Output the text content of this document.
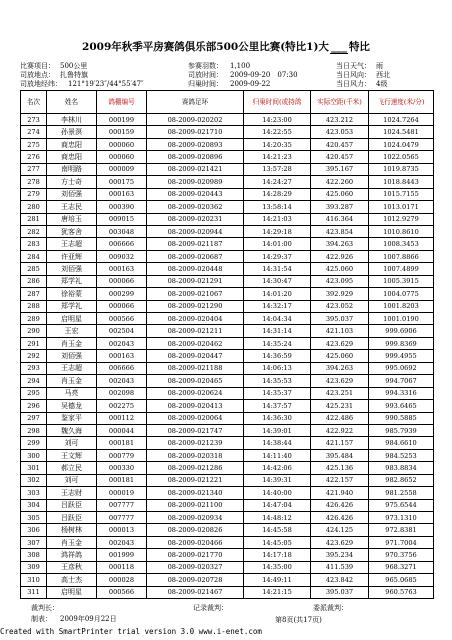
2009年秋季平房赛鸽俱乐部500公里比赛(特比1)大 ___ 特比
比赛项目： 500公里	参赛羽数： 1,100	当日天气： 雨
司放地点： 扎鲁特旗	司放时间： 2009-09-20　07:30	当日风向： 西北
司放地经纬： 121°19′23″/44°55′47″	归巢时间： 2009-09-22	当日风力： 4级
名次	姓名	鸽棚编号	赛鸽足环	归巢时间(或持鸽	实际空距(千米)	飞行速度(米/分)
273	李林川	000199	08-2009-020202	14:23:00	423.212	1024.7264
274	孙景溟	000159	08-2009-021710	14:22:55	423.053	1024.5481
275	商忠阳	000060	08-2009-020893	14:20:35	420.457	1024.0479
276	商忠阳	000060	08-2009-020896	14:21:23	420.457	1022.0565
277	南明路	000009	08-2009-021421	13:57:28	395.167	1019.8735
278	方士奇	000175	08-2009-020989	14:24:27	422.260	1018.8443
279	刘佰强	000163	08-2009-020443	14:28:29	425.060	1015.7155
280	王志民	000390	08-2009-020362	13:58:14	393.287	1013.0171
281	唐培玉	009015	08-2009-020231	14:21:03	416.364	1012.9279
282	犹客舍	003048	08-2009-020944	14:29:18	423.854	1010.8610
283	王志超	006666	08-2009-021187	14:01:00	394.263	1008.3453
284	许亚辉	009032	08-2009-020687	14:29:37	422.926	1007.8866
285	刘佰强	000163	08-2009-020448	14:31:54	425.060	1007.4899
286	郑学礼	000066	08-2009-021291	14:30:47	423.095	1005.3915
287	徐裕蒙	000299	08-2009-021067	14:01:20	392.929	1004.0775
288	郑学礼	000066	08-2009-021290	14:32:17	423.052	1001.8203
289	启明星	000566	08-2009-020404	14:04:34	395.037	1001.0190
290	王宏	002504	08-2009-021211	14:31:14	421.103	999.6906
291	肖玉金	002043	08-2009-020462	14:35:24	423.629	999.8369
292	刘佰强	000163	08-2009-020447	14:36:59	425.060	999.4955
293	王志超	006666	08-2009-021188	14:06:13	394.263	995.0692
294	肖玉金	002043	08-2009-020465	14:35:53	423.629	994.7067
295	马亮	002098	08-2009-020624	14:35:37	423.251	994.3316
296	吴德龙	002275	08-2009-020413	14:37:57	425.231	993.6465
297	鉴家平	000112	08-2009-020064	14:36:30	422.486	990.5885
298	魏久海	000044	08-2009-021747	14:39:01	422.922	985.7939
299	刘可	000181	08-2009-021239	14:38:44	421.157	984.6610
300	王文辉	000779	08-2009-020318	14:11:40	395.484	984.5253
301	郝立民	000330	08-2009-021286	14:42:06	425.136	983.8834
302	刘可	000181	08-2009-021221	14:39:31	422.157	982.8652
303	王志财	000019	08-2009-021340	14:40:00	421.940	981.2558
304	吕跃臣	007777	08-2009-021100	14:47:04	426.426	975.6544
305	吕跃臣	007777	08-2009-020934	14:48:12	426.426	973.1310
306	杨树林	000013	08-2009-020826	14:45:58	424.125	972.8381
307	肖玉金	002043	08-2009-020466	14:45:05	423.629	971.7004
308	鸿祥鸽	001999	08-2009-021770	14:17:18	395.234	970.3756
309	王彦秋	000118	08-2009-020327	14:35:00	411.539	968.3271
310	高士杰	000028	08-2009-020728	14:49:11	423.842	965.0685
311	启明星	000566	08-2009-021467	14:21:15	395.037	960.5763
裁判长：	记录裁判：	委派裁判：
制表： 2009年09月22日	第8页(共17页)
Created with SmartPrinter trial version 3.0 www.i-enet.com
